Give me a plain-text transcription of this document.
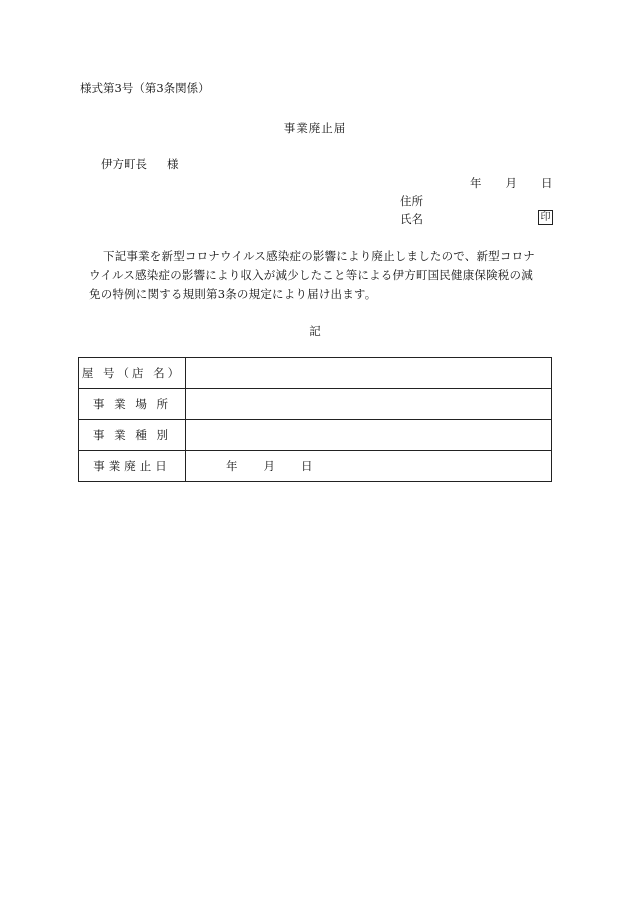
様式第3号（第3条関係）
事業廃止届
伊方町長 様
年 月 日
住所
氏名	印
下記事業を新型コロナウイルス感染症の影響により廃止しましたので、新型コロナウイルス感染症の影響により収入が減少したこと等による伊方町国民健康保険税の減免の特例に関する規則第3条の規定により届け出ます。
記
屋 号（店 名）	
事 業 場 所	
事 業 種 別	
事業廃止日	年 月 日
